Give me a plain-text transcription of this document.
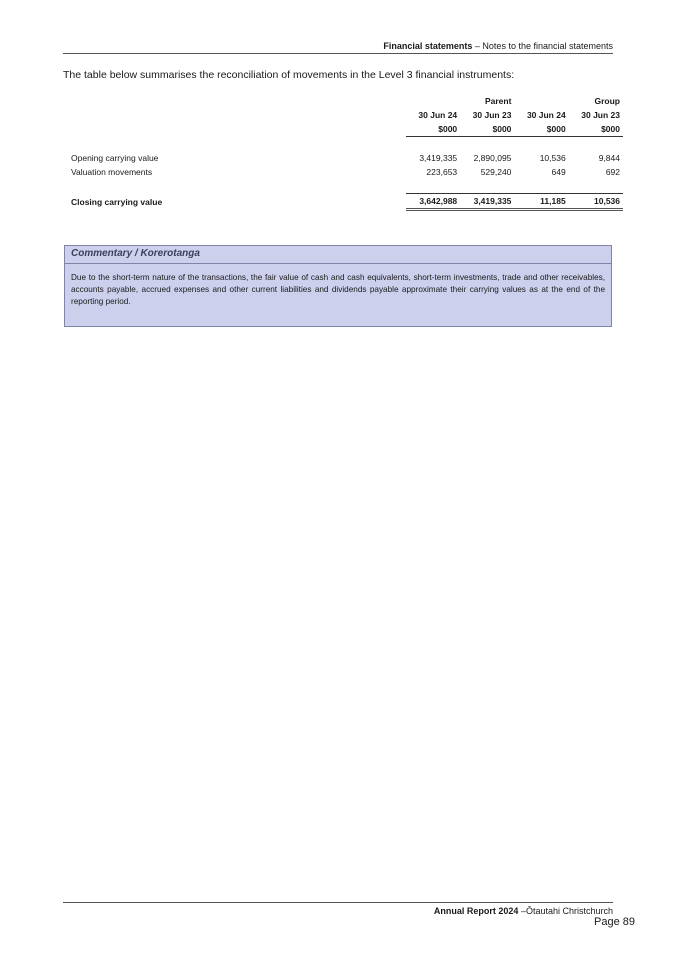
Financial statements – Notes to the financial statements
The table below summarises the reconciliation of movements in the Level 3 financial instruments:
		Parent		Group
	30 Jun 24	30 Jun 23	30 Jun 24	30 Jun 23
	$000	$000	$000	$000

Opening carrying value	3,419,335	2,890,095	10,536	9,844
Valuation movements	223,653	529,240	649	692

Closing carrying value	3,642,988	3,419,335	11,185	10,536
Commentary / Korerotanga
Due to the short-term nature of the transactions, the fair value of cash and cash equivalents, short-term investments, trade and other receivables, accounts payable, accrued expenses and other current liabilities and dividends payable approximate their carrying values as at the end of the reporting period.
Annual Report 2024 –Ōtautahi Christchurch
Page 89
